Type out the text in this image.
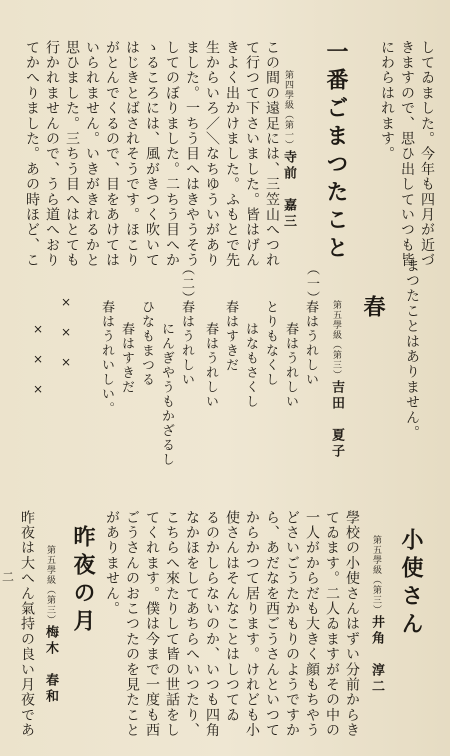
してゐました。今年も四月が近づ
きますので、思ひ出していつも皆
にわらはれます。
一番ごまつたこと
第四學級（第一）寺前　嘉三
この間の遠足には、三笠山へつれ
て行つて下さいました。皆はげん
きよく出かけました。ふもとで先
生からいろ／＼なちゆういがあり
ました。一ちう目へはきやうそう
してのぼりました。二ちう目へか
ゝるころには、風がきつく吹いて
はじきとばされそうです。ほこり
がとんでくるので、目をあけては
いられません。いきがきれるかと
思ひました。三ちう目へはとても
行かれませんので、うら道へおり
てかへりました。あの時ほど、こ
まつたことはありません。
春
第五學級（第三）吉田　夏子
（一）
春はうれしい
春はうれしい
とりもなくし
はなもさくし
春はすきだ
春はうれしい
（二）
春はうれしい
にんぎやうもかざるし
ひなもまつる
春はすきだ
春はうれいしい。
×　×　×
×　×　×
小使さん
第五學級（第三）井角　淳二
學校の小使さんはずい分前からき
てゐます。二人ゐますがその中の
一人がからだも大きく顔もちやう
どさいごうたかもりのようですか
ら、あだなを西ごうさんといつて
からかつて居ります。けれども小
使さんはそんなことはしつてゐ
るのかしらないのか、いつも四角
なかほをしてあちらへいつたり、
こちらへ來たりして皆の世話をし
てくれます。僕は今まで一度も西
ごうさんのおこつたのを見たこと
がありません。
昨夜の月
第五學級（第三）梅木　春和
昨夜は大へん氣持の良い月夜であ
二
